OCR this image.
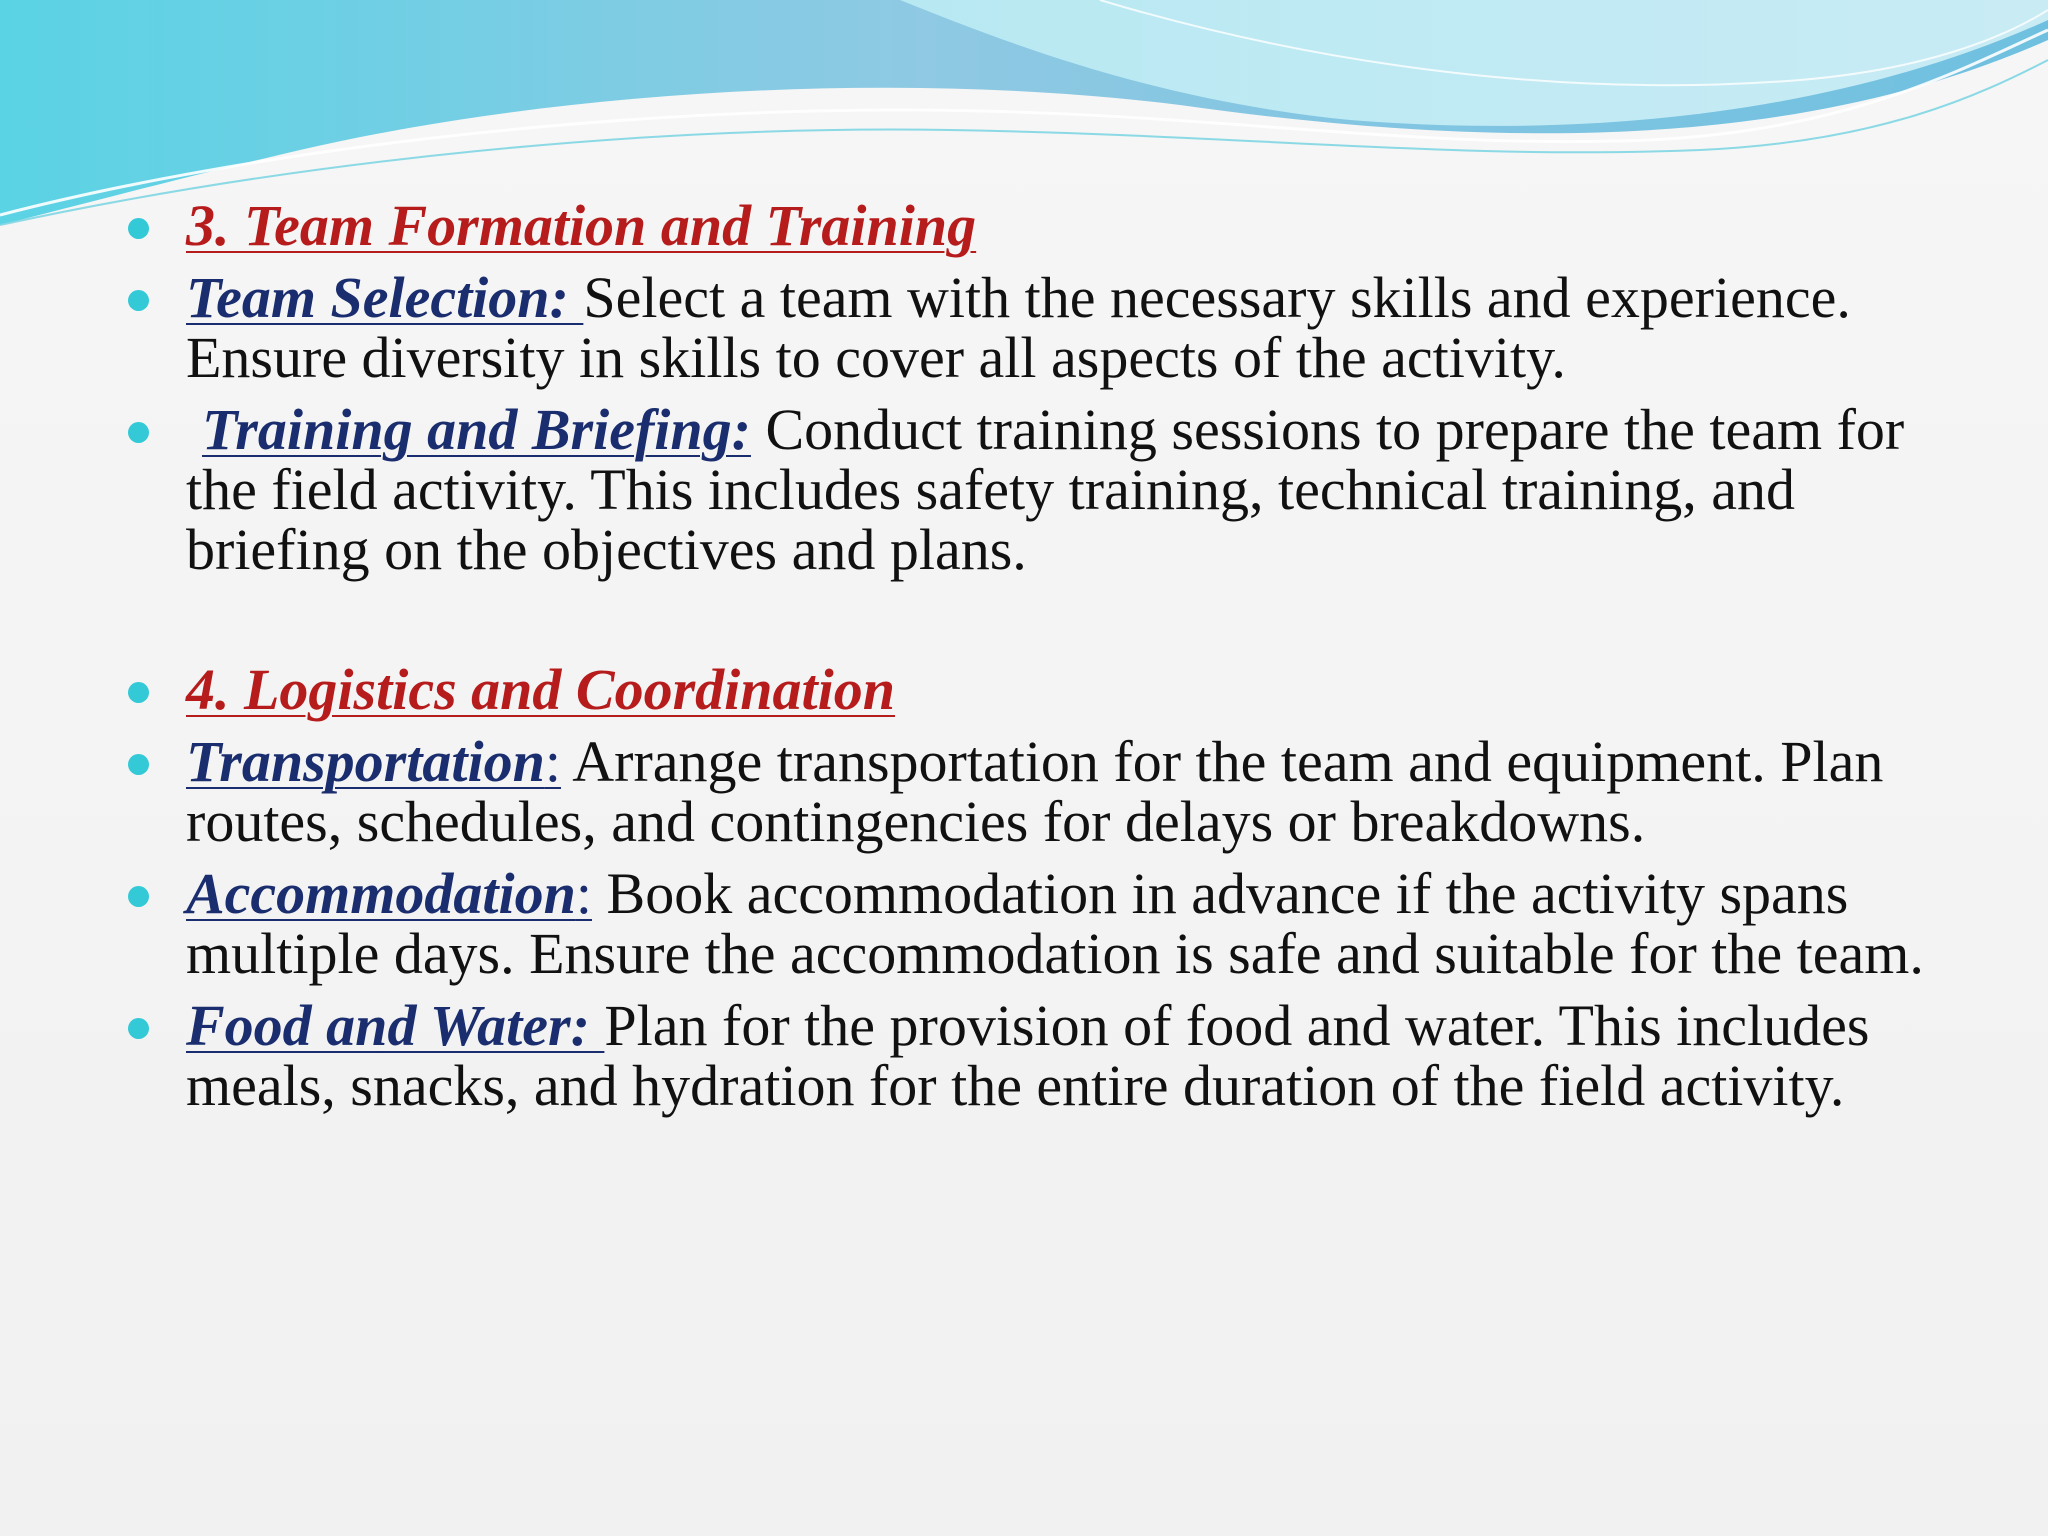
3. Team Formation and Training
Team Selection: Select a team with the necessary skills and experience. Ensure diversity in skills to cover all aspects of the activity.
Training and Briefing: Conduct training sessions to prepare the team for the field activity. This includes safety training, technical training, and briefing on the objectives and plans.
4. Logistics and Coordination
Transportation: Arrange transportation for the team and equipment. Plan routes, schedules, and contingencies for delays or breakdowns.
Accommodation: Book accommodation in advance if the activity spans multiple days. Ensure the accommodation is safe and suitable for the team.
Food and Water: Plan for the provision of food and water. This includes meals, snacks, and hydration for the entire duration of the field activity.
